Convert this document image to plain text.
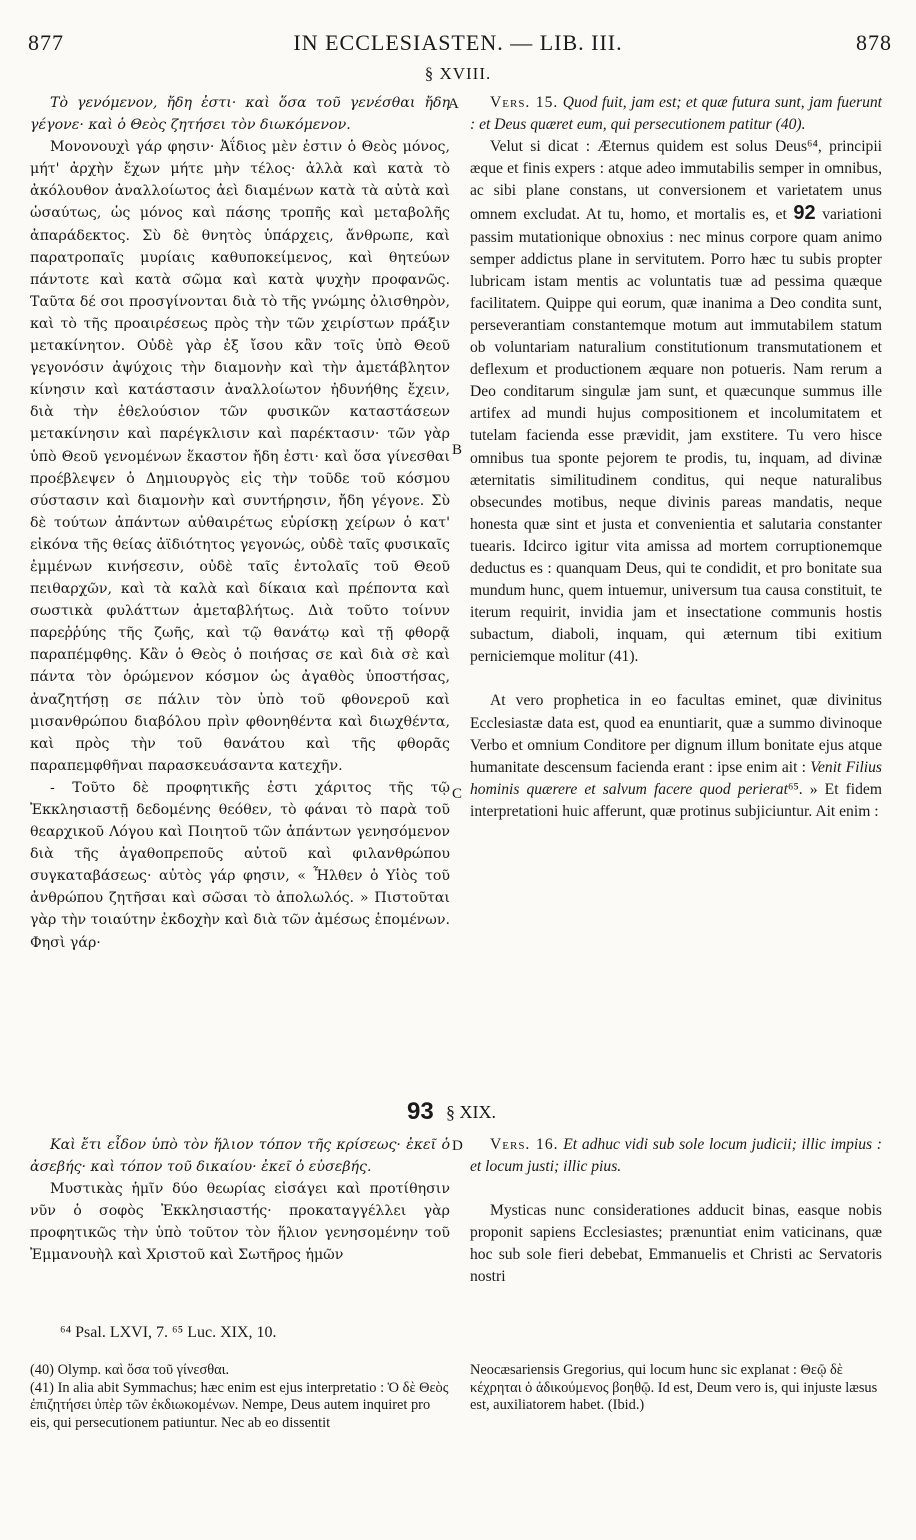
877	IN ECCLESIASTEN. — LIB. III.	878
§ XVIII.

Τὸ γενόμενον, ἤδη ἐστι· καὶ ὅσα τοῦ γενέσθαι ἤδη γέγονε· καὶ ὁ Θεὸς ζητήσει τὸν διωκόμενον.

Μονονουχὶ γάρ φησιν· Ἀΐδιος μὲν ἐστιν ὁ Θεὸς μόνος, μήτ' ἀρχὴν ἔχων μήτε μὴν τέλος· ἀλλὰ καὶ κατὰ τὸ ἀκόλουθον ἀναλλοίωτος ἀεὶ διαμένων κατὰ τὰ αὐτὰ καὶ ὡσαύτως, ὡς μόνος καὶ πάσης τροπῆς καὶ μεταβολῆς ἀπαράδεκτος. Σὺ δὲ θνητὸς ὑπάρχεις, ἄνθρωπε, καὶ παρατροπαῖς μυρίαις καθυποκείμενος, καὶ θητεύων πάντοτε καὶ κατὰ σῶμα καὶ κατὰ ψυχὴν προφανῶς. Ταῦτα δέ σοι προσγίνονται διὰ τὸ τῆς γνώμης ὀλισθηρὸν, καὶ τὸ τῆς προαιρέσεως πρὸς τὴν τῶν χειρίστων πράξιν μετακίνητον. Οὐδὲ γὰρ ἐξ ἴσου κἂν τοῖς ὑπὸ Θεοῦ γεγονόσιν ἀψύχοις τὴν διαμονὴν καὶ τὴν ἀμετάβλητον κίνησιν καὶ κατάστασιν ἀναλλοίωτον ἠδυνήθης ἔχειν, διὰ τὴν ἐθελούσιον τῶν φυσικῶν καταστάσεων μετακίνησιν καὶ παρέγκλισιν καὶ παρέκτασιν· τῶν γὰρ ὑπὸ Θεοῦ γενομένων ἕκαστον ἤδη ἐστι· καὶ ὅσα γίνεσθαι προέβλεψεν ὁ Δημιουργὸς εἰς τὴν τοῦδε τοῦ κόσμου σύστασιν καὶ διαμονὴν καὶ συντήρησιν, ἤδη γέγονε. Σὺ δὲ τούτων ἁπάντων αὐθαιρέτως εὑρίσκῃ χείρων ὁ κατ' εἰκόνα τῆς θείας ἀϊδιότητος γεγονώς, οὐδὲ ταῖς φυσικαῖς ἐμμένων κινήσεσιν, οὐδὲ ταῖς ἐντολαῖς τοῦ Θεοῦ πειθαρχῶν, καὶ τὰ καλὰ καὶ δίκαια καὶ πρέποντα καὶ σωστικὰ φυλάττων ἀμεταβλήτως. Διὰ τοῦτο τοίνυν παρεῤῥύης τῆς ζωῆς, καὶ τῷ θανάτῳ καὶ τῇ φθορᾷ παραπέμφθης. Κἂν ὁ Θεὸς ὁ ποιήσας σε καὶ διὰ σὲ καὶ πάντα τὸν ὁρώμενον κόσμον ὡς ἀγαθὸς ὑποστήσας, ἀναζητήσῃ σε πάλιν τὸν ὑπὸ τοῦ φθονεροῦ καὶ μισανθρώπου διαβόλου πρὶν φθονηθέντα καὶ διωχθέντα, καὶ πρὸς τὴν τοῦ θανάτου καὶ τῆς φθορᾶς παραπεμφθῆναι παρασκευάσαντα κατεχῆν.

- Τοῦτο δὲ προφητικῆς ἐστι χάριτος τῆς τῷ Ἐκκλησιαστῇ δεδομένης θεόθεν, τὸ φάναι τὸ παρὰ τοῦ θεαρχικοῦ Λόγου καὶ Ποιητοῦ τῶν ἁπάντων γενησόμενον διὰ τῆς ἀγαθοπρεποῦς αὐτοῦ καὶ φιλανθρώπου συγκαταβάσεως· αὐτὸς γάρ φησιν, « Ἦλθεν ὁ Υἱὸς τοῦ ἀνθρώπου ζητῆσαι καὶ σῶσαι τὸ ἀπολωλός. » Πιστοῦται γὰρ τὴν τοιαύτην ἐκδοχὴν καὶ διὰ τῶν ἀμέσως ἑπομένων. Φησὶ γάρ·

A
B
C
D

Vers. 15. Quod fuit, jam est; et quæ futura sunt, jam fuerunt : et Deus quæret eum, qui persecutionem patitur (40).

Velut si dicat : Æternus quidem est solus Deus⁶⁴, principii æque et finis expers : atque adeo immutabilis semper in omnibus, ac sibi plane constans, ut conversionem et varietatem unus omnem excludat. At tu, homo, et mortalis es, et 92 variationi passim mutationique obnoxius : nec minus corpore quam animo semper addictus plane in servitutem. Porro hæc tu subis propter lubricam istam mentis ac voluntatis tuæ ad pessima quæque facilitatem. Quippe qui eorum, quæ inanima a Deo condita sunt, perseverantiam constantemque motum aut immutabilem statum ob voluntariam naturalium constitutionum transmutationem et deflexum et productionem æquare non potueris. Nam rerum a Deo conditarum singulæ jam sunt, et quæcunque summus ille artifex ad mundi hujus compositionem et incolumitatem et tutelam facienda esse prævidit, jam exstitere. Tu vero hisce omnibus tua sponte pejorem te prodis, tu, inquam, ad divinæ æternitatis similitudinem conditus, qui neque naturalibus obsecundes motibus, neque divinis pareas mandatis, neque honesta quæ sint et justa et convenientia et salutaria constanter tuearis. Idcirco igitur vita amissa ad mortem corruptionemque deductus es : quanquam Deus, qui te condidit, et pro bonitate sua mundum hunc, quem intuemur, universum tua causa constituit, te iterum requirit, invidia jam et insectatione communis hostis subactum, diaboli, inquam, qui æternum tibi exitium perniciemque molitur (41).

At vero prophetica in eo facultas eminet, quæ divinitus Ecclesiastæ data est, quod ea enuntiarit, quæ a summo divinoque Verbo et omnium Conditore per dignum illum bonitate ejus atque humanitate descensum facienda erant : ipse enim ait : Venit Filius hominis quærere et salvum facere quod perierat⁶⁵. » Et fidem interpretationi huic afferunt, quæ protinus subjiciuntur. Ait enim :

93 § XIX.

Καὶ ἔτι εἶδον ὑπὸ τὸν ἥλιον τόπον τῆς κρίσεως· ἐκεῖ ὁ ἀσεβής· καὶ τόπον τοῦ δικαίου· ἐκεῖ ὁ εὐσεβής.

Μυστικὰς ἡμῖν δύο θεωρίας εἰσάγει καὶ προτίθησιν νῦν ὁ σοφὸς Ἐκκλησιαστής· προκαταγγέλλει γὰρ προφητικῶς τὴν ὑπὸ τοῦτον τὸν ἥλιον γενησομένην τοῦ Ἐμμανουὴλ καὶ Χριστοῦ καὶ Σωτῆρος ἡμῶν

Vers. 16. Et adhuc vidi sub sole locum judicii; illic impius : et locum justi; illic pius.

Mysticas nunc considerationes adducit binas, easque nobis proponit sapiens Ecclesiastes; prænuntiat enim vaticinans, quæ hoc sub sole fieri debebat, Emmanuelis et Christi ac Servatoris nostri

⁶⁴ Psal. LXVI, 7. ⁶⁵ Luc. XIX, 10.

(40) Olymp. καὶ ὅσα τοῦ γίνεσθαι.

(41) In alia abit Symmachus; hæc enim est ejus interpretatio : Ὁ δὲ Θεὸς ἐπιζητήσει ὑπὲρ τῶν ἐκδιωκομένων. Nempe, Deus autem inquiret pro eis, qui persecutionem patiuntur. Nec ab eo dissentit

Neocæsariensis Gregorius, qui locum hunc sic explanat : Θεῷ δὲ κέχρηται ὁ ἀδικούμενος βοηθῷ. Id est, Deum vero is, qui injuste læsus est, auxiliatorem habet. (Ibid.)
